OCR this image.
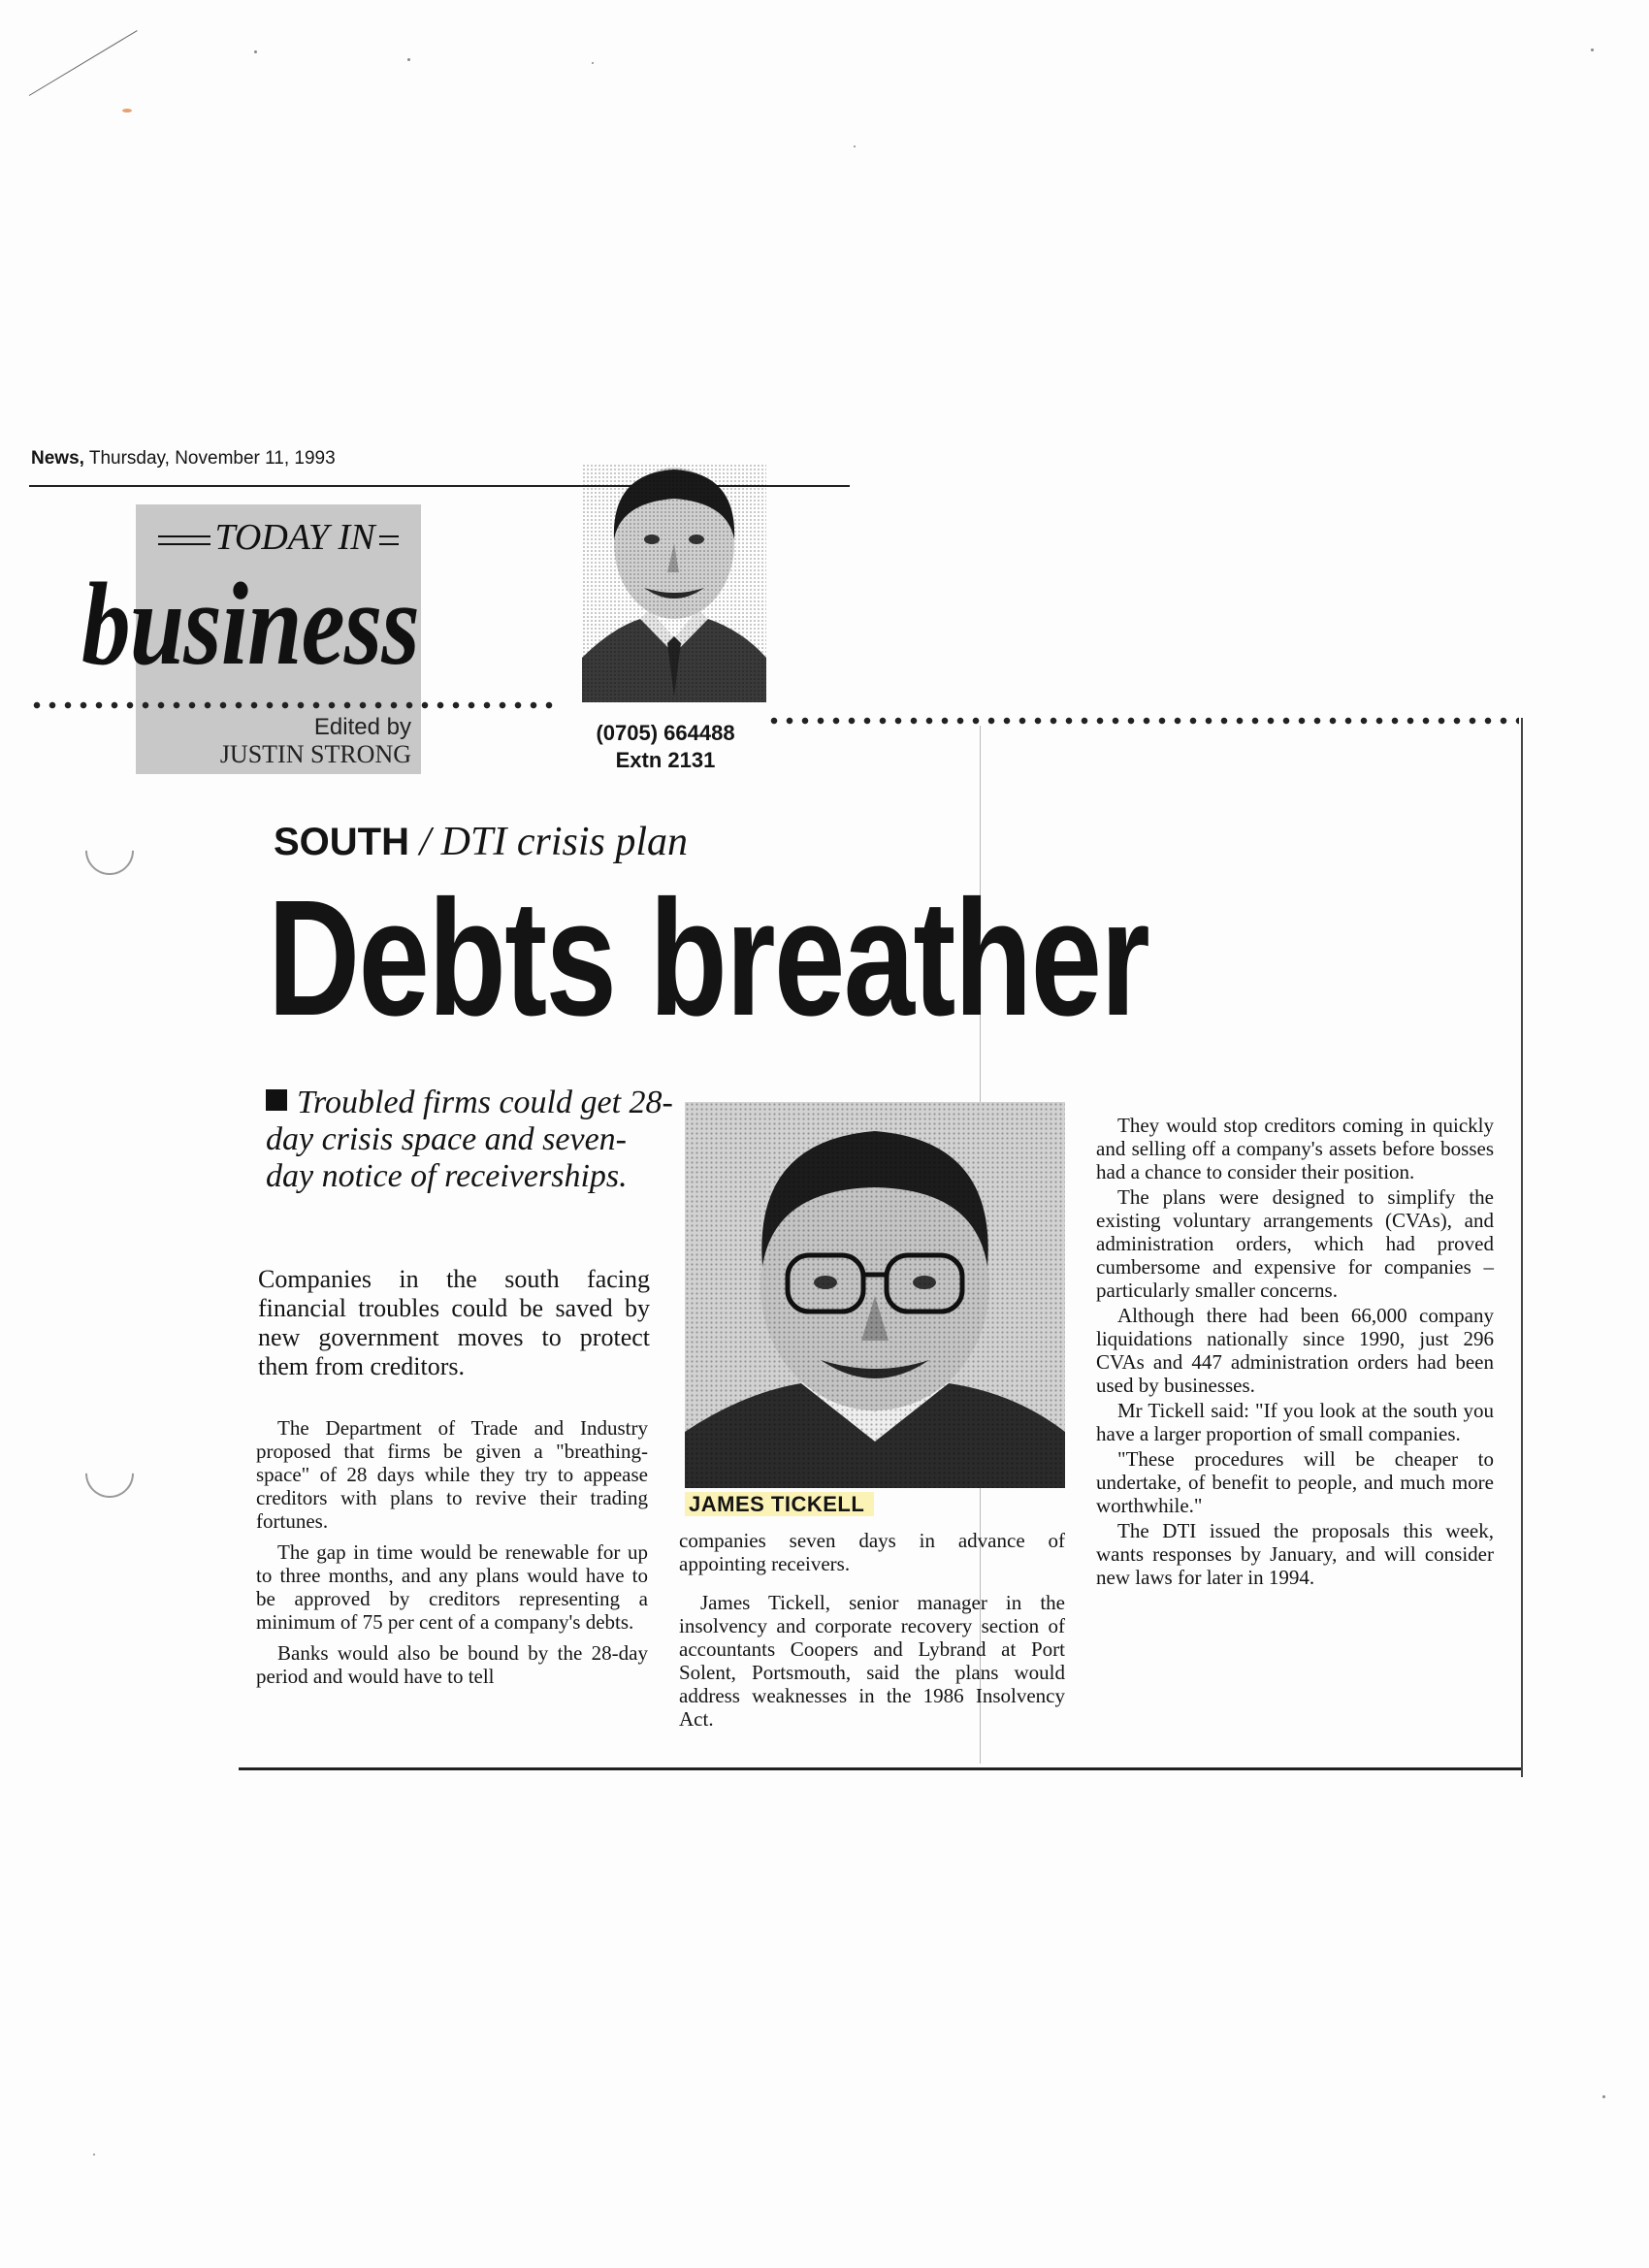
News, Thursday, November 11, 1993
TODAY IN
business
Edited by
JUSTIN STRONG
(0705) 664488
Extn 2131
SOUTH / DTI crisis plan
Debts breather
Troubled firms could get 28-day crisis space and seven-day notice of receiverships.
Companies in the south facing financial troubles could be saved by new government moves to protect them from creditors.

The Department of Trade and Industry proposed that firms be given a "breathing-space" of 28 days while they try to appease creditors with plans to revive their trading fortunes.

The gap in time would be renewable for up to three months, and any plans would have to be approved by creditors representing a minimum of 75 per cent of a company's debts.

Banks would also be bound by the 28-day period and would have to tell

JAMES TICKELL

companies seven days in advance of appointing receivers.

James Tickell, senior manager in the insolvency and corporate recovery section of accountants Coopers and Lybrand at Port Solent, Portsmouth, said the plans would address weaknesses in the 1986 Insolvency Act.

They would stop creditors coming in quickly and selling off a company's assets before bosses had a chance to consider their position.

The plans were designed to simplify the existing voluntary arrangements (CVAs), and administration orders, which had proved cumbersome and expensive for companies – particularly smaller concerns.

Although there had been 66,000 company liquidations nationally since 1990, just 296 CVAs and 447 administration orders had been used by businesses.

Mr Tickell said: "If you look at the south you have a larger proportion of small companies.

"These procedures will be cheaper to undertake, of benefit to people, and much more worthwhile."

The DTI issued the proposals this week, wants responses by January, and will consider new laws for later in 1994.
